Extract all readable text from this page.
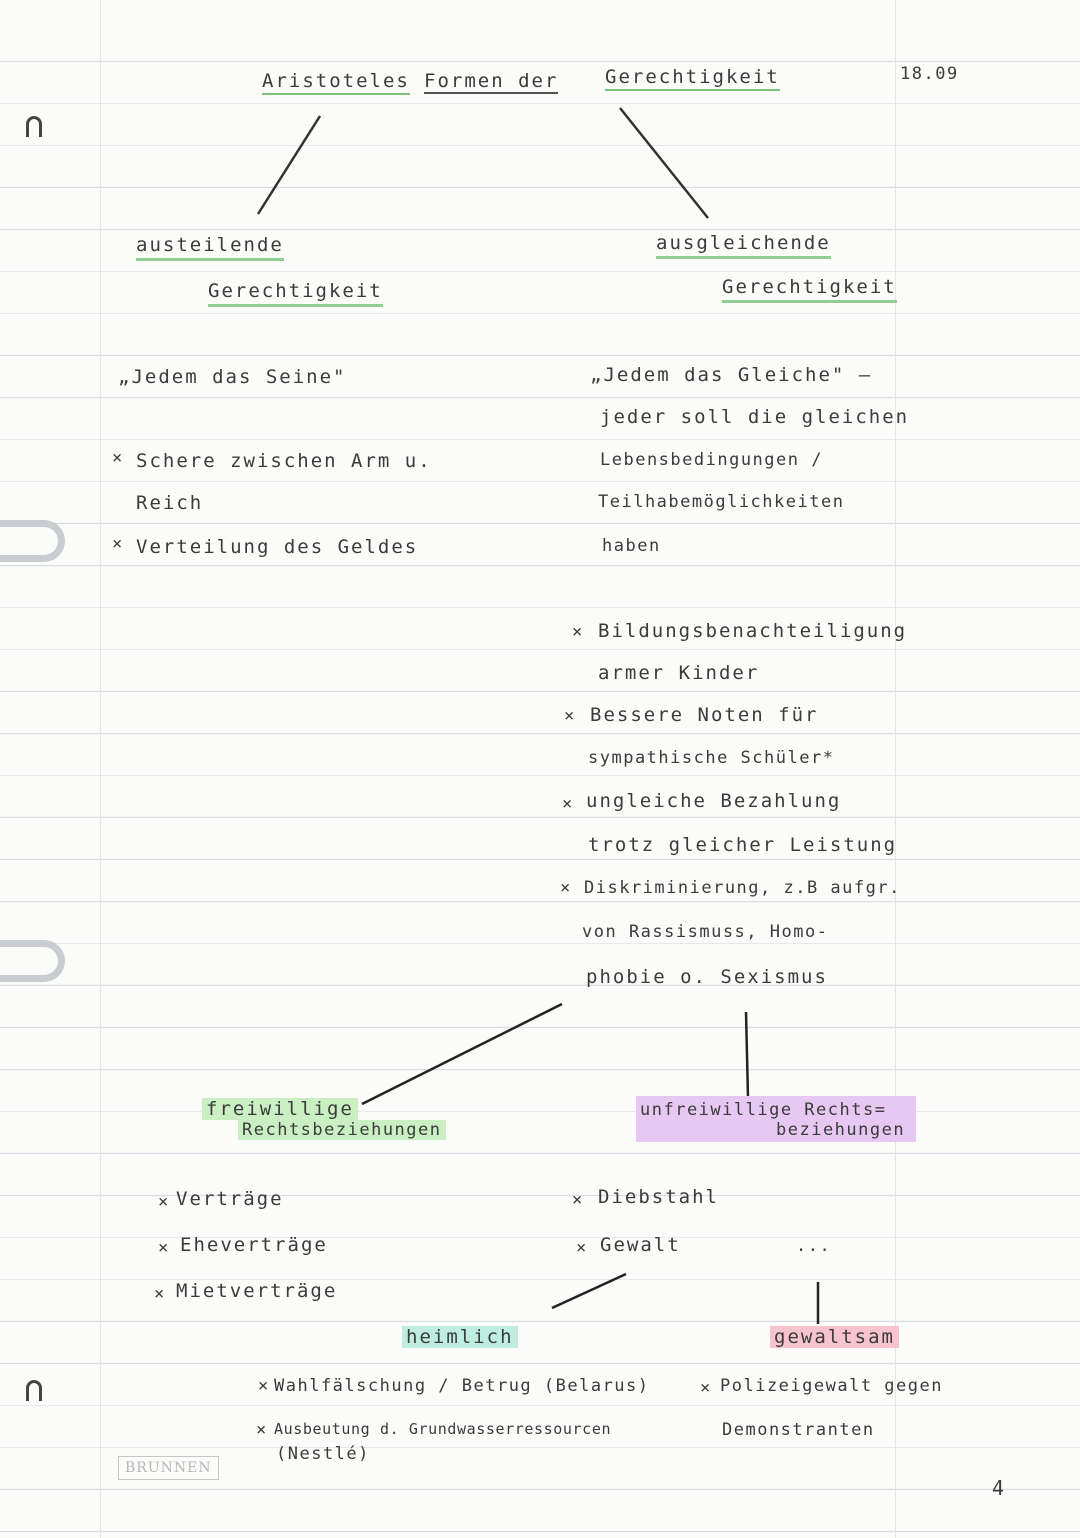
Aristoteles Formen der Gerechtigkeit	18.09
austeilende
Gerechtigkeit
„Jedem das Seine"
× Schere zwischen Arm u.
Reich
× Verteilung des Geldes
ausgleichende
Gerechtigkeit
„Jedem das Gleiche" –
jeder soll die gleichen
Lebensbedingungen /
Teilhabemöglichkeiten
haben
× Bildungsbenachteiligung
armer Kinder
× Bessere Noten für
sympathische Schüler*
× ungleiche Bezahlung
trotz gleicher Leistung
× Diskriminierung, z.B aufgr.
von Rassismuss, Homo-
phobie o. Sexismus
freiwillige
Rechtsbeziehungen
unfreiwillige Rechts=
beziehungen
× Verträge
× Eheverträge
× Mietverträge
× Diebstahl
× Gewalt	...
heimlich
× Wahlfälschung / Betrug (Belarus)
× Ausbeutung d. Grundwasserressourcen
(Nestlé)
gewaltsam
× Polizeigewalt gegen
Demonstranten
BRUNNEN
4
